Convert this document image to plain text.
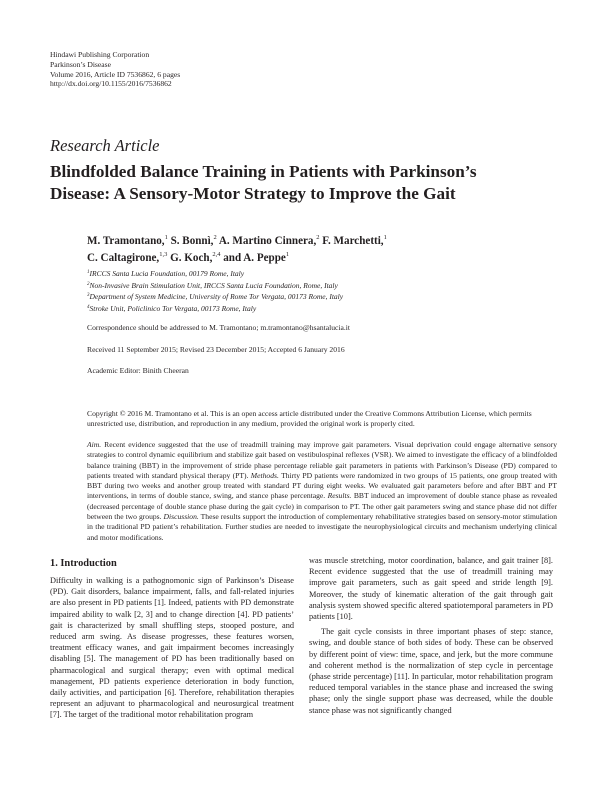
Hindawi Publishing Corporation
Parkinson’s Disease
Volume 2016, Article ID 7536862, 6 pages
http://dx.doi.org/10.1155/2016/7536862
Research Article
Blindfolded Balance Training in Patients with Parkinson’s
Disease: A Sensory-Motor Strategy to Improve the Gait
M. Tramontano,$^1$ S. Bonnì,$^2$ A. Martino Cinnera,$^2$ F. Marchetti,$^1$
C. Caltagirone,$^{1,3}$ G. Koch,$^{2,4}$ and A. Peppe$^1$
$^1$IRCCS Santa Lucia Foundation, 00179 Rome, Italy
$^2$Non-Invasive Brain Stimulation Unit, IRCCS Santa Lucia Foundation, Rome, Italy
$^3$Department of System Medicine, University of Rome Tor Vergata, 00173 Rome, Italy
$^4$Stroke Unit, Policlinico Tor Vergata, 00173 Rome, Italy
Correspondence should be addressed to M. Tramontano; m.tramontano@hsantalucia.it
Received 11 September 2015; Revised 23 December 2015; Accepted 6 January 2016
Academic Editor: Binith Cheeran
Copyright © 2016 M. Tramontano et al. This is an open access article distributed under the Creative Commons Attribution License, which permits unrestricted use, distribution, and reproduction in any medium, provided the original work is properly cited.
Aim. Recent evidence suggested that the use of treadmill training may improve gait parameters. Visual deprivation could engage alternative sensory strategies to control dynamic equilibrium and stabilize gait based on vestibulospinal reflexes (VSR). We aimed to investigate the efficacy of a blindfolded balance training (BBT) in the improvement of stride phase percentage reliable gait parameters in patients with Parkinson’s Disease (PD) compared to patients treated with standard physical therapy (PT). Methods. Thirty PD patients were randomized in two groups of 15 patients, one group treated with BBT during two weeks and another group treated with standard PT during eight weeks. We evaluated gait parameters before and after BBT and PT interventions, in terms of double stance, swing, and stance phase percentage. Results. BBT induced an improvement of double stance phase as revealed (decreased percentage of double stance phase during the gait cycle) in comparison to PT. The other gait parameters swing and stance phase did not differ between the two groups. Discussion. These results support the introduction of complementary rehabilitative strategies based on sensory-motor stimulation in the traditional PD patient’s rehabilitation. Further studies are needed to investigate the neurophysiological circuits and mechanism underlying clinical and motor modifications.
1. Introduction

Difficulty in walking is a pathognomonic sign of Parkinson’s Disease (PD). Gait disorders, balance impairment, falls, and fall-related injuries are also present in PD patients [1]. Indeed, patients with PD demonstrate impaired ability to walk [2, 3] and to change direction [4]. PD patients’ gait is characterized by small shuffling steps, stooped posture, and reduced arm swing. As disease progresses, these features worsen, treatment efficacy wanes, and gait impairment becomes increasingly disabling [5]. The management of PD has been traditionally based on pharmacological and surgical therapy; even with optimal medical management, PD patients experience deterioration in body function, daily activities, and participation [6]. Therefore, rehabilitation therapies represent an adjuvant to pharmacological and neurosurgical treatment [7]. The target of the traditional motor rehabilitation program

was muscle stretching, motor coordination, balance, and gait trainer [8]. Recent evidence suggested that the use of treadmill training may improve gait parameters, such as gait speed and stride length [9]. Moreover, the study of kinematic alteration of the gait through gait analysis system showed specific altered spatiotemporal parameters in PD patients [10].

The gait cycle consists in three important phases of step: stance, swing, and double stance of both sides of body. These can be observed by different point of view: time, space, and jerk, but the more commune and coherent method is the normalization of step cycle in percentage (phase stride percentage) [11]. In particular, motor rehabilitation program reduced temporal variables in the stance phase and increased the swing phase; only the single support phase was decreased, while the double stance phase was not significantly changed
